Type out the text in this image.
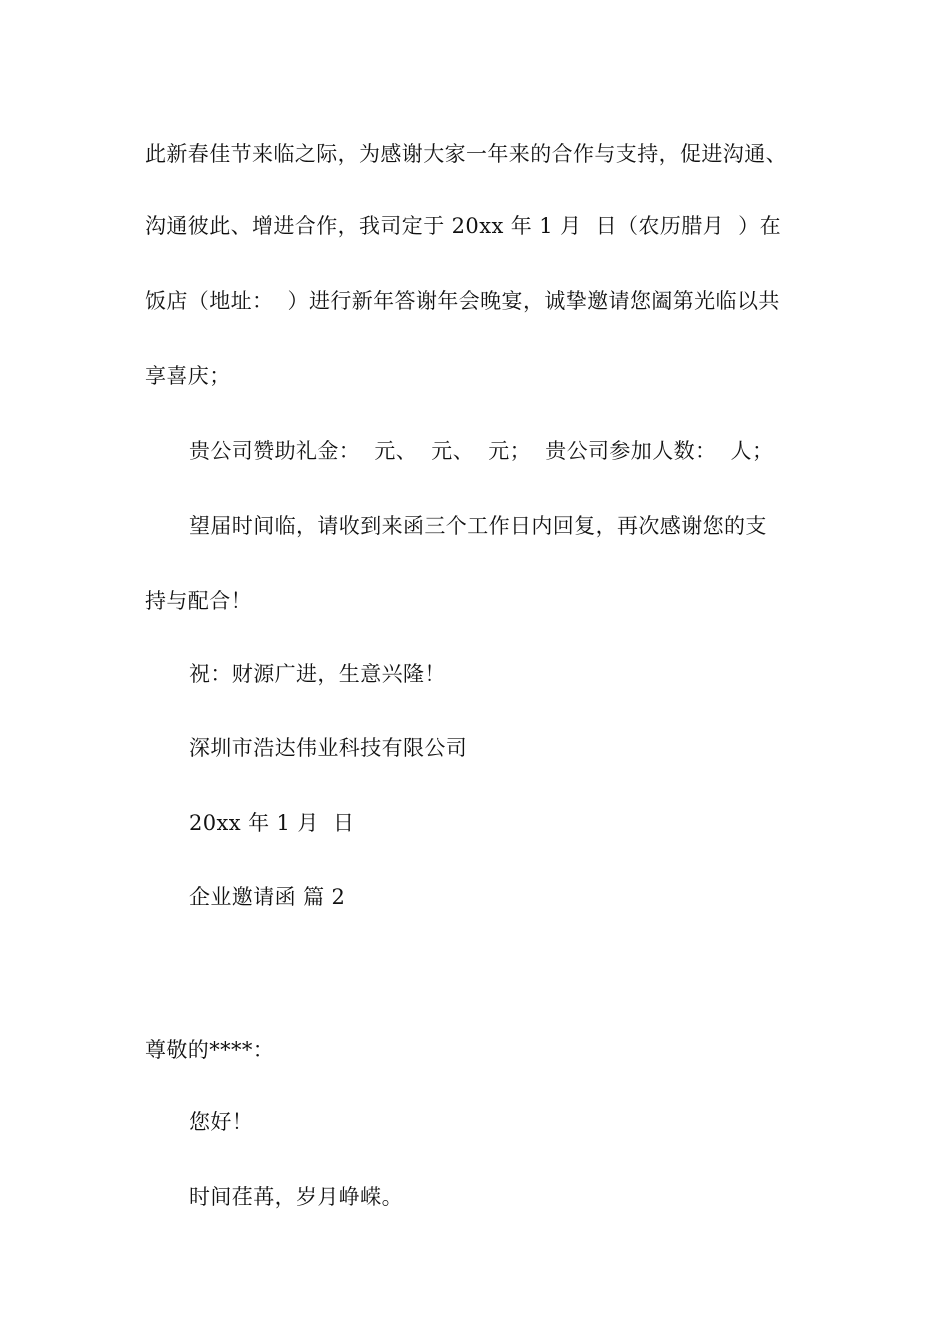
此新春佳节来临之际，为感谢大家一年来的合作与支持，促进沟通、
沟通彼此、增进合作，我司定于 20xx 年 1 月  日（农历腊月  ）在
饭店（地址：  ）进行新年答谢年会晚宴，诚挚邀请您阖第光临以共
享喜庆；
贵公司赞助礼金：  元、  元、  元；  贵公司参加人数：  人；
望届时间临，请收到来函三个工作日内回复，再次感谢您的支
持与配合！
祝：财源广进，生意兴隆！
深圳市浩达伟业科技有限公司
20xx 年 1 月  日
企业邀请函 篇 2
尊敬的****：
您好！
时间荏苒，岁月峥嵘。
